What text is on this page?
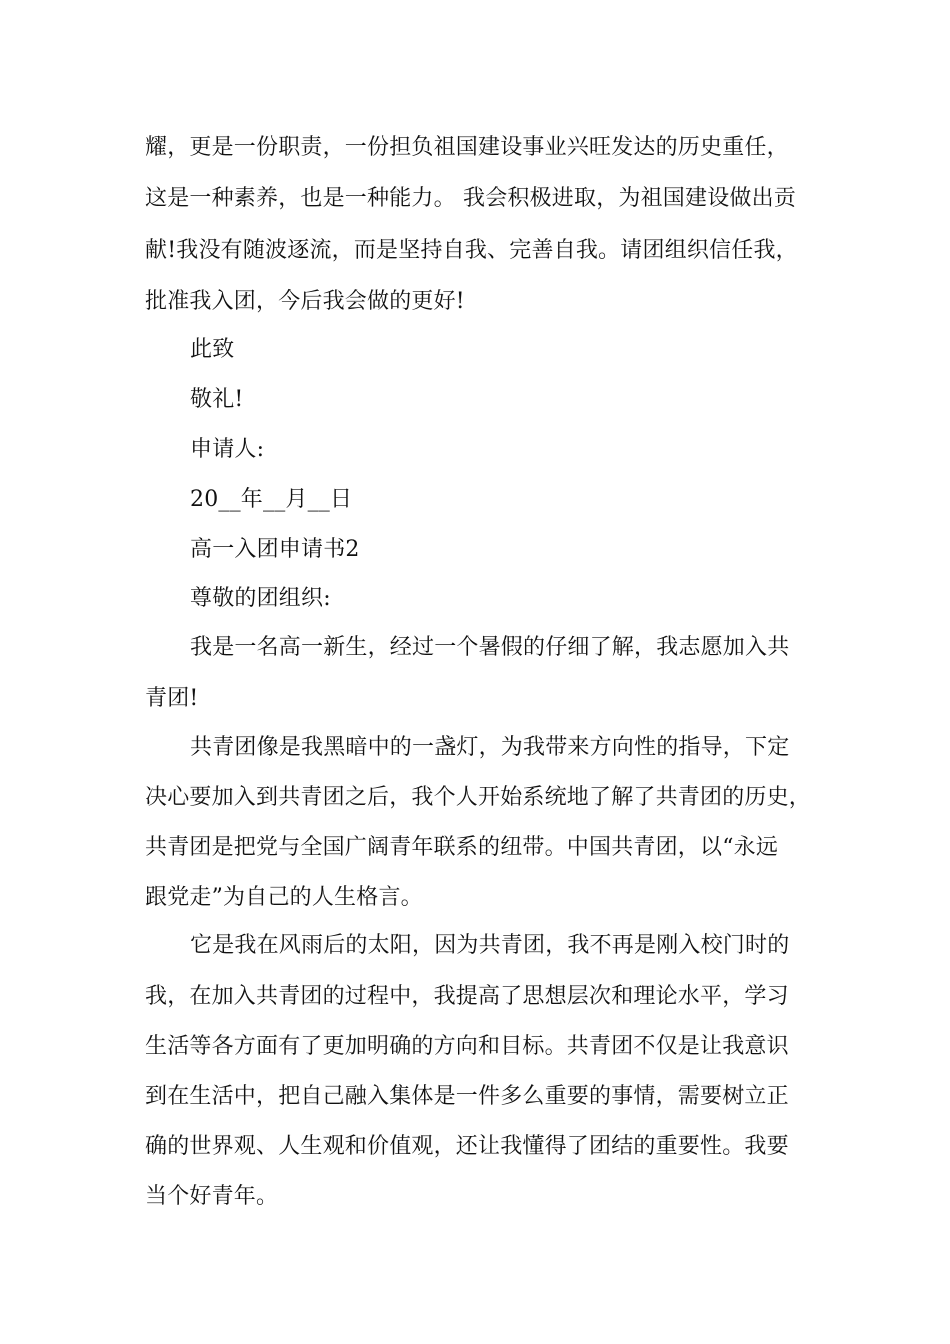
耀，更是一份职责，一份担负祖国建设事业兴旺发达的历史重任，
这是一种素养，也是一种能力。 我会积极进取，为祖国建设做出贡
献!我没有随波逐流，而是坚持自我、完善自我。请团组织信任我，
批准我入团，今后我会做的更好!
此致
敬礼!
申请人:
20__年__月__日
高一入团申请书2
尊敬的团组织:
我是一名高一新生，经过一个暑假的仔细了解，我志愿加入共
青团!
共青团像是我黑暗中的一盏灯，为我带来方向性的指导，下定
决心要加入到共青团之后，我个人开始系统地了解了共青团的历史，
共青团是把党与全国广阔青年联系的纽带。中国共青团，以“永远
跟党走”为自己的人生格言。
它是我在风雨后的太阳，因为共青团，我不再是刚入校门时的
我，在加入共青团的过程中，我提高了思想层次和理论水平，学习
生活等各方面有了更加明确的方向和目标。共青团不仅是让我意识
到在生活中，把自己融入集体是一件多么重要的事情，需要树立正
确的世界观、人生观和价值观，还让我懂得了团结的重要性。我要
当个好青年。
